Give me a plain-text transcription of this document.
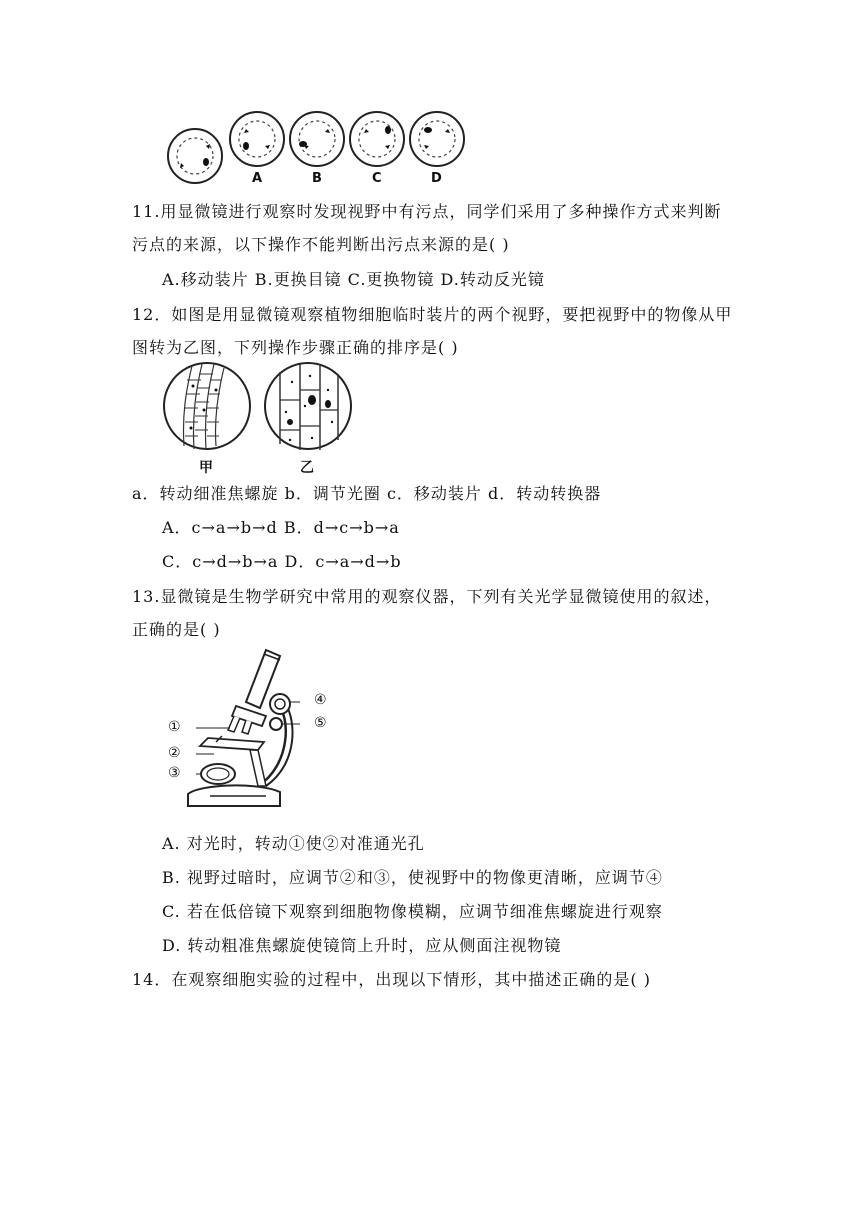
A	B	C	D
11.用显微镜进行观察时发现视野中有污点，同学们采用了多种操作方式来判断
污点的来源，以下操作不能判断出污点来源的是( )
A.移动装片 B.更换目镜 C.更换物镜 D.转动反光镜
12．如图是用显微镜观察植物细胞临时装片的两个视野，要把视野中的物像从甲
图转为乙图，下列操作步骤正确的排序是( )
甲	乙
a．转动细准焦螺旋 b．调节光圈 c．移动装片 d．转动转换器
A．c→a→b→d B．d→c→b→a
C．c→d→b→a D．c→a→d→b
13.显微镜是生物学研究中常用的观察仪器，下列有关光学显微镜使用的叙述，
正确的是( )
①
②
③
④
⑤
A. 对光时，转动①使②对准通光孔
B. 视野过暗时，应调节②和③，使视野中的物像更清晰，应调节④
C. 若在低倍镜下观察到细胞物像模糊，应调节细准焦螺旋进行观察
D. 转动粗准焦螺旋使镜筒上升时，应从侧面注视物镜
14．在观察细胞实验的过程中，出现以下情形，其中描述正确的是( )
